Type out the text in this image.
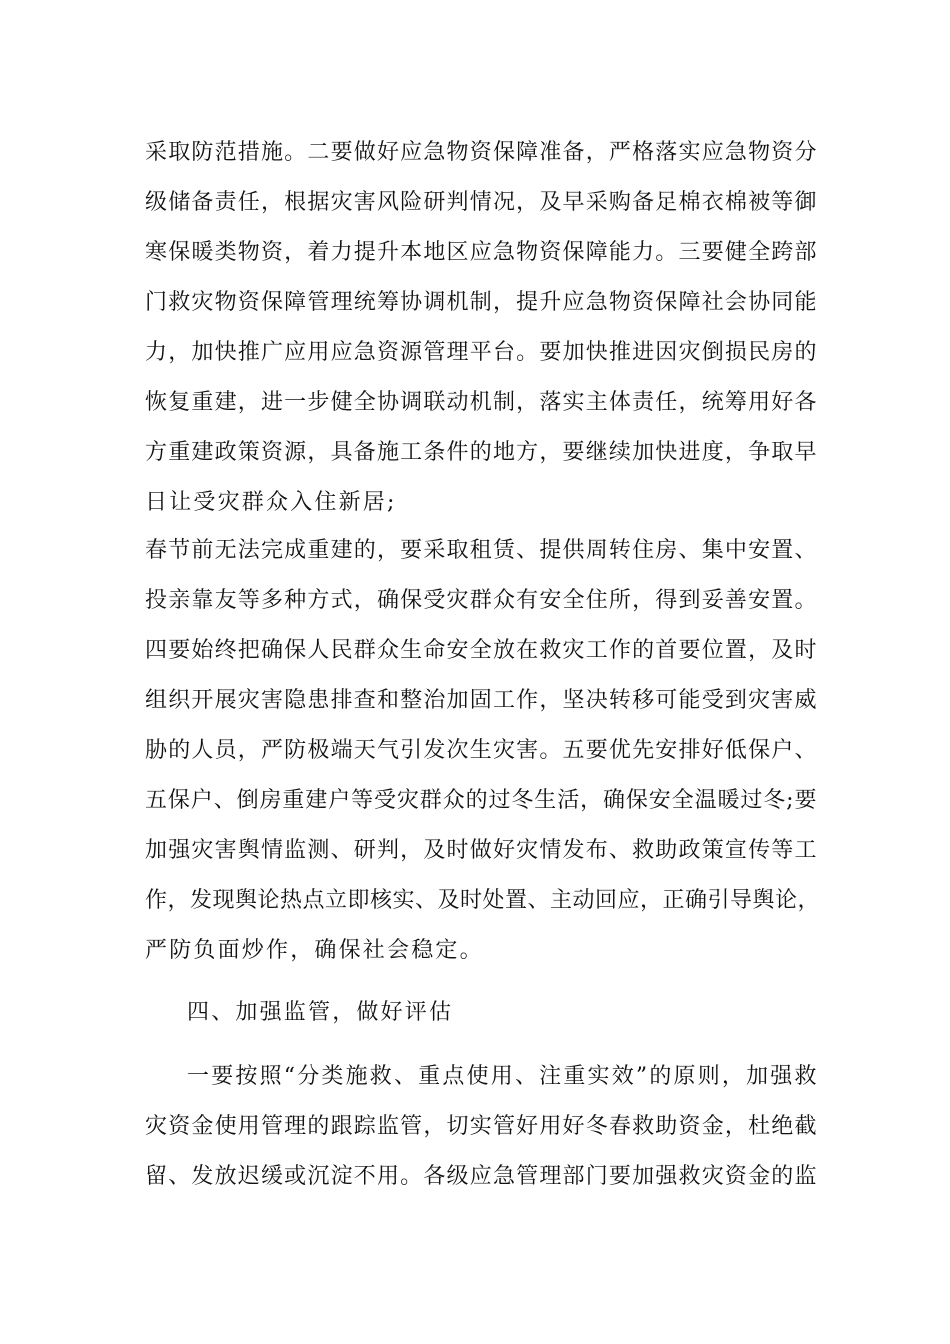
采取防范措施。二要做好应急物资保障准备，严格落实应急物资分
级储备责任，根据灾害风险研判情况，及早采购备足棉衣棉被等御
寒保暖类物资，着力提升本地区应急物资保障能力。三要健全跨部
门救灾物资保障管理统筹协调机制，提升应急物资保障社会协同能
力，加快推广应用应急资源管理平台。要加快推进因灾倒损民房的
恢复重建，进一步健全协调联动机制，落实主体责任，统筹用好各
方重建政策资源，具备施工条件的地方，要继续加快进度，争取早
日让受灾群众入住新居;
春节前无法完成重建的，要采取租赁、提供周转住房、集中安置、
投亲靠友等多种方式，确保受灾群众有安全住所，得到妥善安置。
四要始终把确保人民群众生命安全放在救灾工作的首要位置，及时
组织开展灾害隐患排查和整治加固工作，坚决转移可能受到灾害威
胁的人员，严防极端天气引发次生灾害。五要优先安排好低保户、
五保户、倒房重建户等受灾群众的过冬生活，确保安全温暖过冬;要
加强灾害舆情监测、研判，及时做好灾情发布、救助政策宣传等工
作，发现舆论热点立即核实、及时处置、主动回应，正确引导舆论，
严防负面炒作，确保社会稳定。
四、加强监管，做好评估
一要按照“分类施救、重点使用、注重实效”的原则，加强救
灾资金使用管理的跟踪监管，切实管好用好冬春救助资金，杜绝截
留、发放迟缓或沉淀不用。各级应急管理部门要加强救灾资金的监
